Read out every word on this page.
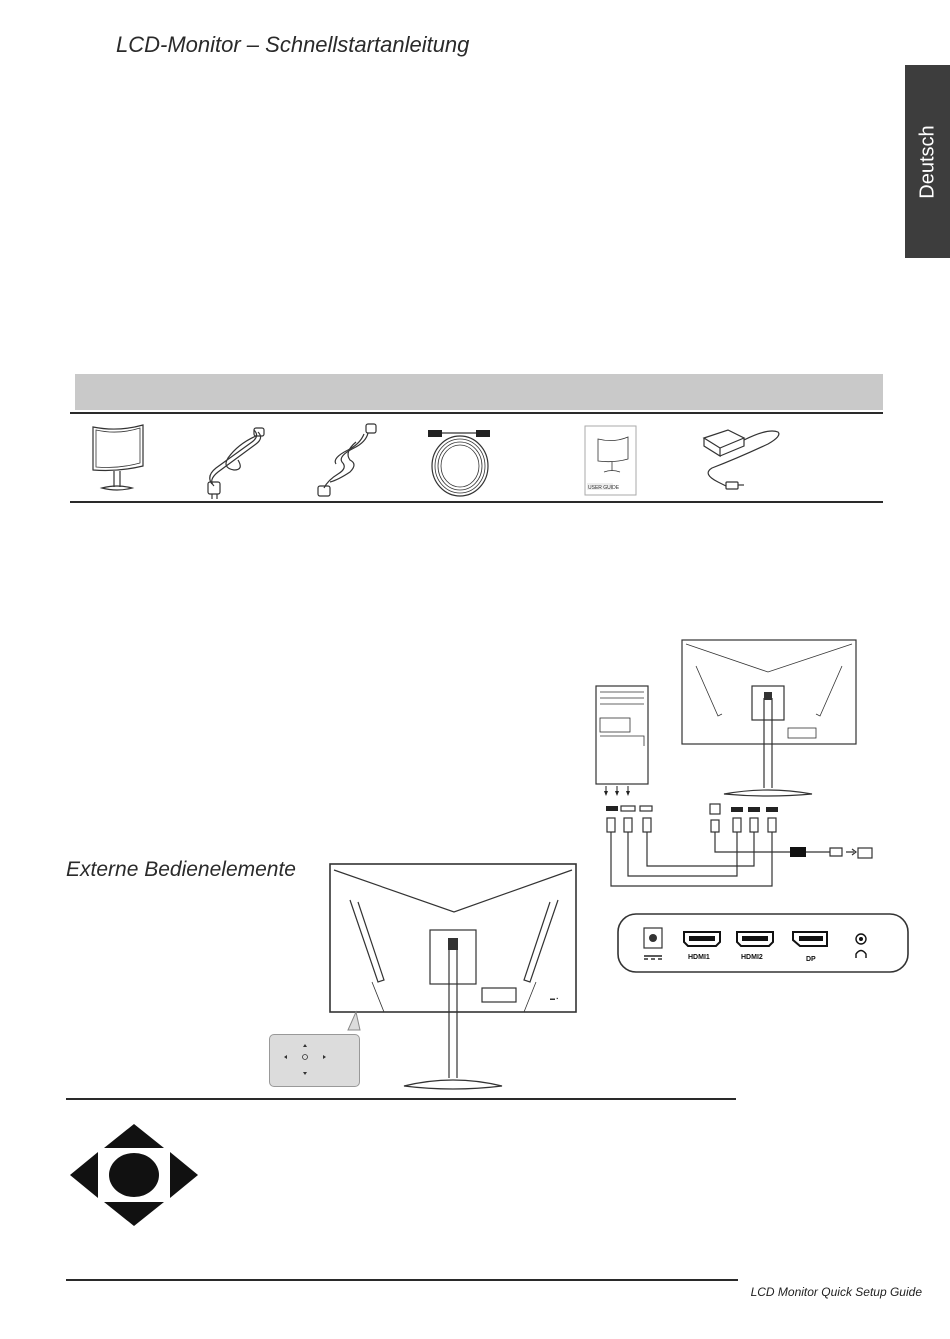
LCD-Monitor – Schnellstartanleitung
Deutsch
USER GUIDE
HDMI1	HDMI2	DP
Externe Bedienelemente
▬ ▪
LCD Monitor Quick Setup Guide
